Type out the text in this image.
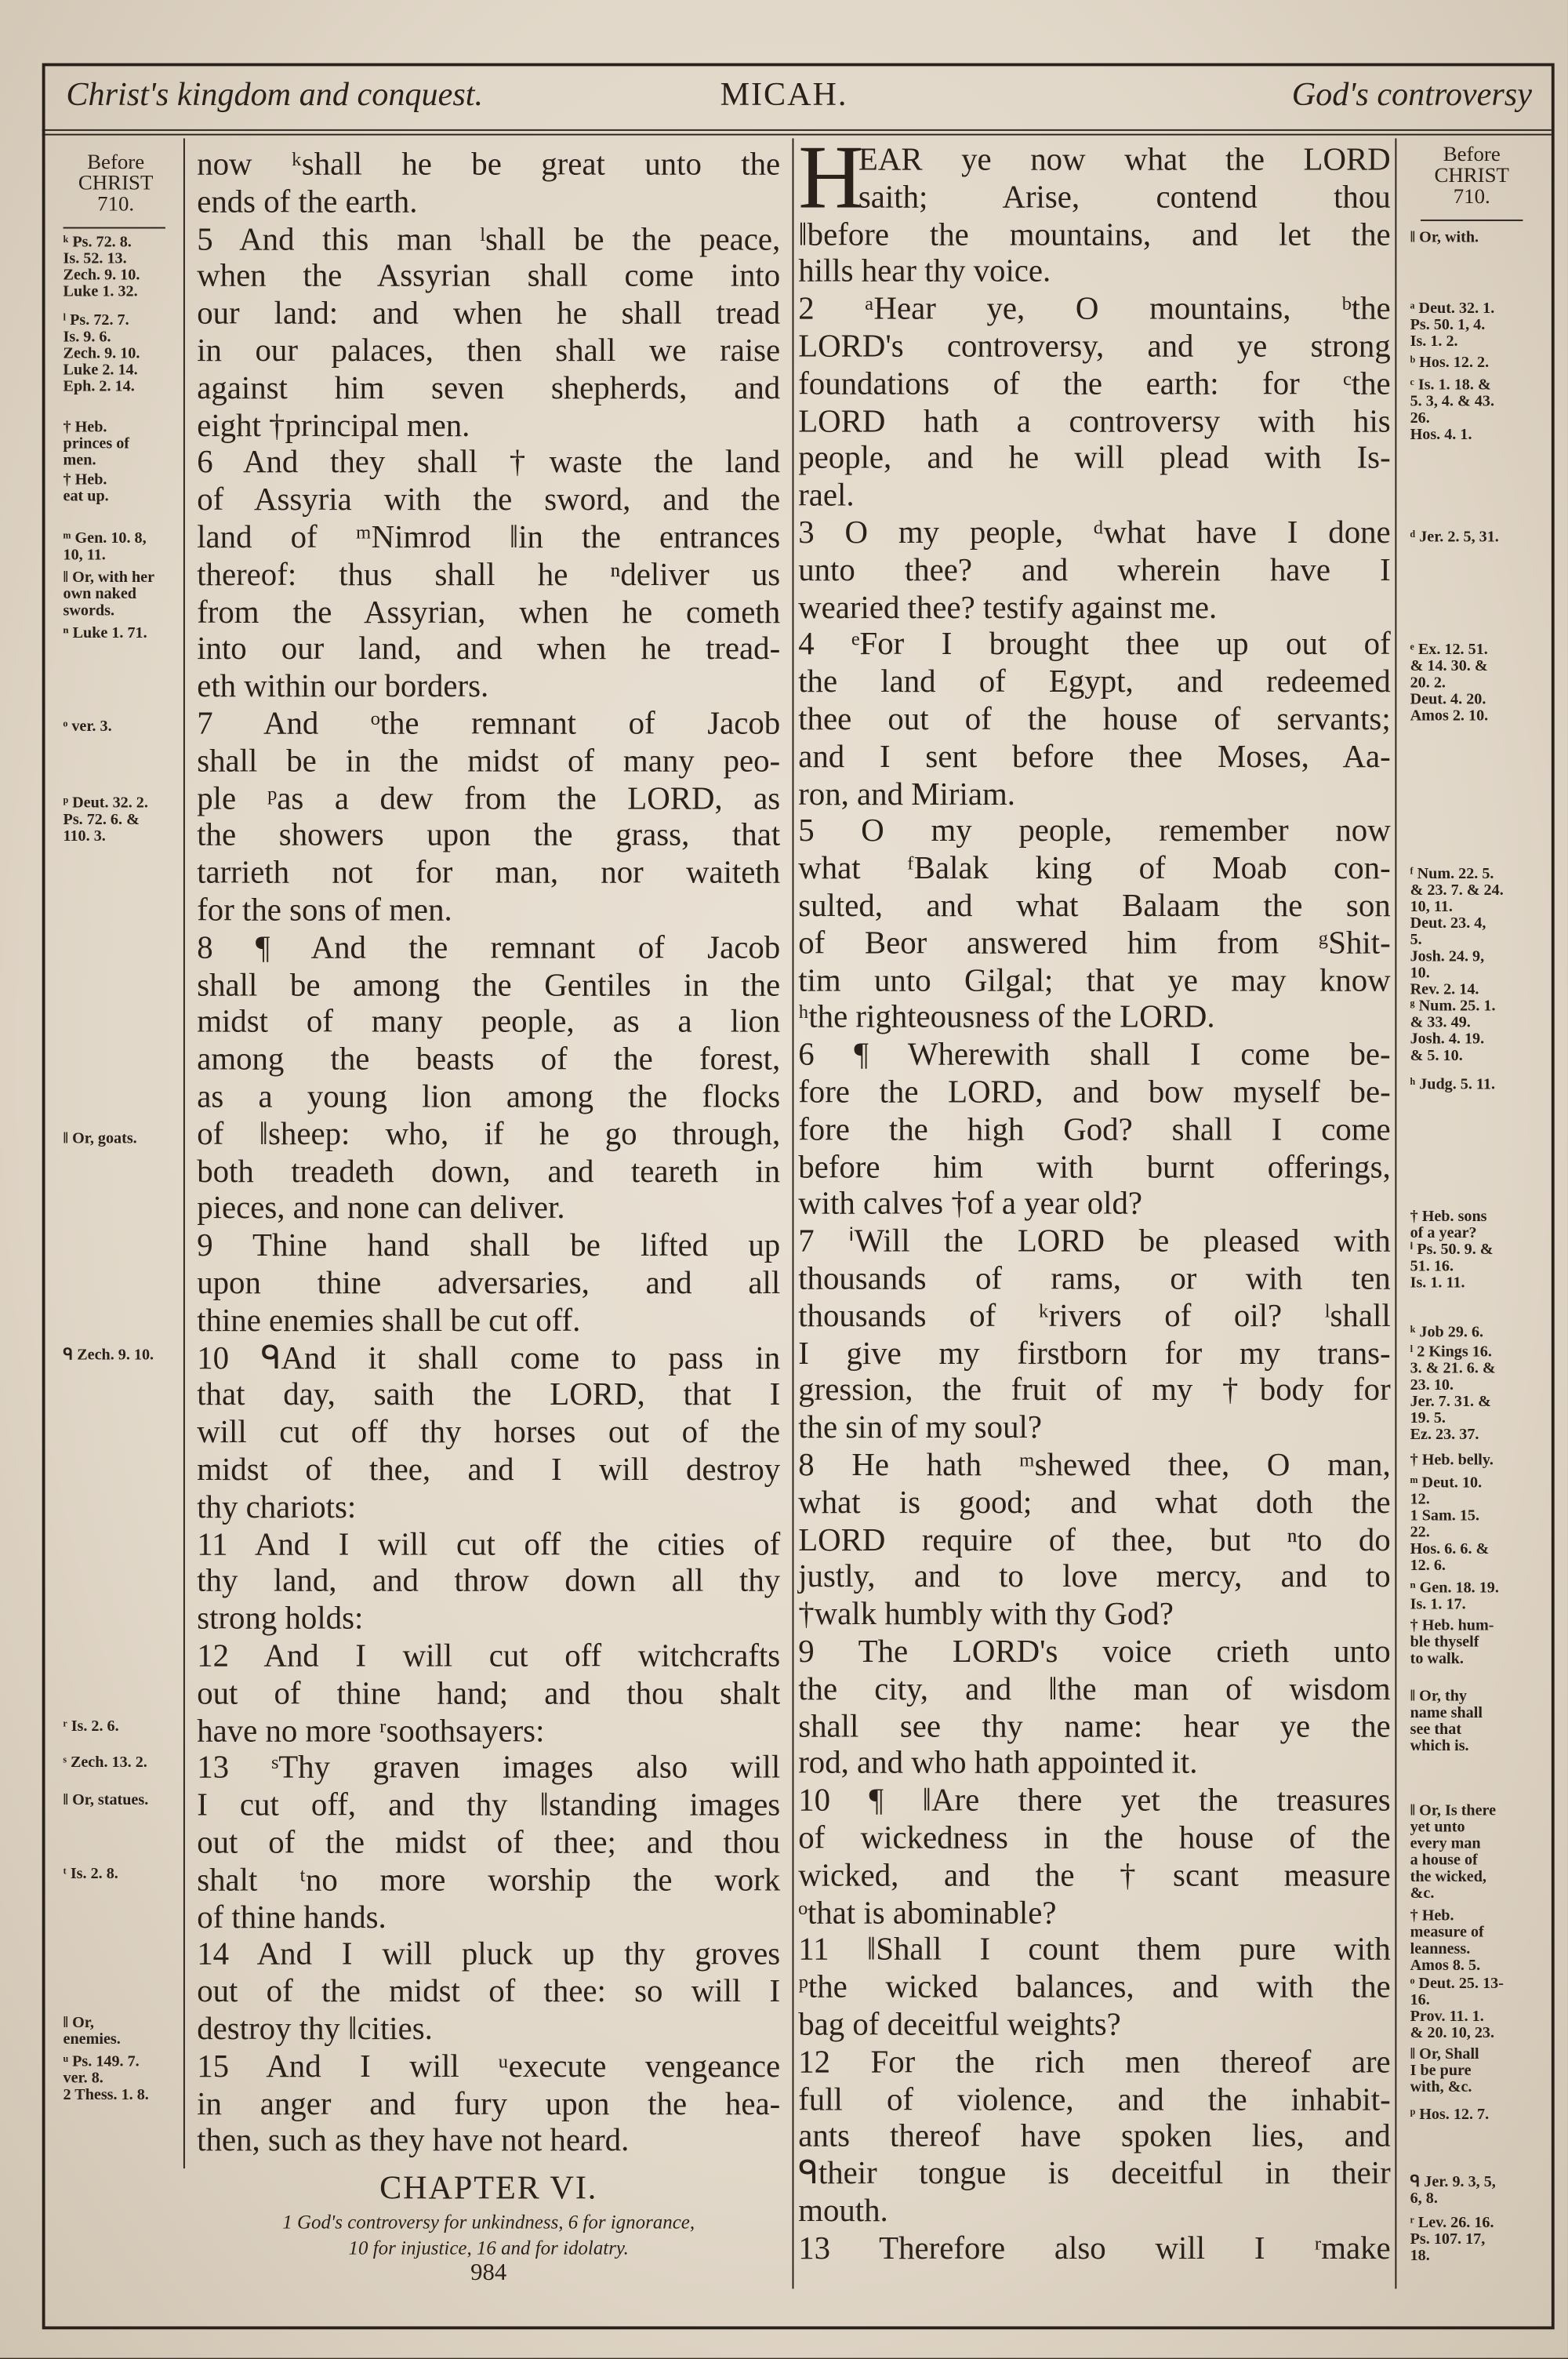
Christ's kingdom and conquest.	MICAH.	God's controversy
Before
CHRIST
710.
Before
CHRIST
710.
ᵏ Ps. 72. 8.
Is. 52. 13.
Zech. 9. 10.
Luke 1. 32.
ˡ Ps. 72. 7.
Is. 9. 6.
Zech. 9. 10.
Luke 2. 14.
Eph. 2. 14.
† Heb.
princes of
men.
† Heb.
eat up.
ᵐ Gen. 10. 8,
10, 11.
‖ Or, with her
own naked
swords.
ⁿ Luke 1. 71.
ᵒ ver. 3.
ᵖ Deut. 32. 2.
Ps. 72. 6. &
110. 3.
‖ Or, goats.
ᑫ Zech. 9. 10.
ʳ Is. 2. 6.
ˢ Zech. 13. 2.
‖ Or, statues.
ᵗ Is. 2. 8.
‖ Or,
enemies.
ᵘ Ps. 149. 7.
ver. 8.
2 Thess. 1. 8.
‖ Or, with.
ᵃ Deut. 32. 1.
Ps. 50. 1, 4.
Is. 1. 2.
ᵇ Hos. 12. 2.
ᶜ Is. 1. 18. &
5. 3, 4. & 43.
26.
Hos. 4. 1.
ᵈ Jer. 2. 5, 31.
ᵉ Ex. 12. 51.
& 14. 30. &
20. 2.
Deut. 4. 20.
Amos 2. 10.
ᶠ Num. 22. 5.
& 23. 7. & 24.
10, 11.
Deut. 23. 4,
5.
Josh. 24. 9,
10.
Rev. 2. 14.
ᵍ Num. 25. 1.
& 33. 49.
Josh. 4. 19.
& 5. 10.
ʰ Judg. 5. 11.
† Heb. sons
of a year?
ⁱ Ps. 50. 9. &
51. 16.
Is. 1. 11.
ᵏ Job 29. 6.
ˡ 2 Kings 16.
3. & 21. 6. &
23. 10.
Jer. 7. 31. &
19. 5.
Ez. 23. 37.
† Heb. belly.
ᵐ Deut. 10.
12.
1 Sam. 15.
22.
Hos. 6. 6. &
12. 6.
ⁿ Gen. 18. 19.
Is. 1. 17.
† Heb. hum-
ble thyself
to walk.
‖ Or, thy
name shall
see that
which is.
‖ Or, Is there
yet unto
every man
a house of
the wicked,
&c.
† Heb.
measure of
leanness.
Amos 8. 5.
ᵒ Deut. 25. 13-
16.
Prov. 11. 1.
& 20. 10, 23.
‖ Or, Shall
I be pure
with, &c.
ᵖ Hos. 12. 7.
ᑫ Jer. 9. 3, 5,
6, 8.
ʳ Lev. 26. 16.
Ps. 107. 17,
18.
now ᵏshall he be great unto the
ends of the earth.
5 And this man ˡshall be the peace,
when the Assyrian shall come into
our land: and when he shall tread
in our palaces, then shall we raise
against him seven shepherds, and
eight †principal men.
6 And they shall †waste the land
of Assyria with the sword, and the
land of ᵐNimrod ‖in the entrances
thereof: thus shall he ⁿdeliver us
from the Assyrian, when he cometh
into our land, and when he tread-
eth within our borders.
7 And ᵒthe remnant of Jacob
shall be in the midst of many peo-
ple ᵖas a dew from the LORD, as
the showers upon the grass, that
tarrieth not for man, nor waiteth
for the sons of men.
8 ¶ And the remnant of Jacob
shall be among the Gentiles in the
midst of many people, as a lion
among the beasts of the forest,
as a young lion among the flocks
of ‖sheep: who, if he go through,
both treadeth down, and teareth in
pieces, and none can deliver.
9 Thine hand shall be lifted up
upon thine adversaries, and all
thine enemies shall be cut off.
10 ᑫAnd it shall come to pass in
that day, saith the LORD, that I
will cut off thy horses out of the
midst of thee, and I will destroy
thy chariots:
11 And I will cut off the cities of
thy land, and throw down all thy
strong holds:
12 And I will cut off witchcrafts
out of thine hand; and thou shalt
have no more ʳsoothsayers:
13 ˢThy graven images also will
I cut off, and thy ‖standing images
out of the midst of thee; and thou
shalt ᵗno more worship the work
of thine hands.
14 And I will pluck up thy groves
out of the midst of thee: so will I
destroy thy ‖cities.
15 And I will ᵘexecute vengeance
in anger and fury upon the hea-
then, such as they have not heard.
H
EAR ye now what the LORD
saith; Arise, contend thou
‖before the mountains, and let the
hills hear thy voice.
2 ᵃHear ye, O mountains, ᵇthe
LORD's controversy, and ye strong
foundations of the earth: for ᶜthe
LORD hath a controversy with his
people, and he will plead with Is-
rael.
3 O my people, ᵈwhat have I done
unto thee? and wherein have I
wearied thee? testify against me.
4 ᵉFor I brought thee up out of
the land of Egypt, and redeemed
thee out of the house of servants;
and I sent before thee Moses, Aa-
ron, and Miriam.
5 O my people, remember now
what ᶠBalak king of Moab con-
sulted, and what Balaam the son
of Beor answered him from ᵍShit-
tim unto Gilgal; that ye may know
ʰthe righteousness of the LORD.
6 ¶ Wherewith shall I come be-
fore the LORD, and bow myself be-
fore the high God? shall I come
before him with burnt offerings,
with calves †of a year old?
7 ⁱWill the LORD be pleased with
thousands of rams, or with ten
thousands of ᵏrivers of oil? ˡshall
I give my firstborn for my trans-
gression, the fruit of my †body for
the sin of my soul?
8 He hath ᵐshewed thee, O man,
what is good; and what doth the
LORD require of thee, but ⁿto do
justly, and to love mercy, and to
†walk humbly with thy God?
9 The LORD's voice crieth unto
the city, and ‖the man of wisdom
shall see thy name: hear ye the
rod, and who hath appointed it.
10 ¶ ‖Are there yet the treasures
of wickedness in the house of the
wicked, and the †scant measure
ᵒthat is abominable?
11 ‖Shall I count them pure with
ᵖthe wicked balances, and with the
bag of deceitful weights?
12 For the rich men thereof are
full of violence, and the inhabit-
ants thereof have spoken lies, and
ᑫtheir tongue is deceitful in their
mouth.
13 Therefore also will I ʳmake
CHAPTER VI.
1 God's controversy for unkindness, 6 for ignorance,
10 for injustice, 16 and for idolatry.
984
